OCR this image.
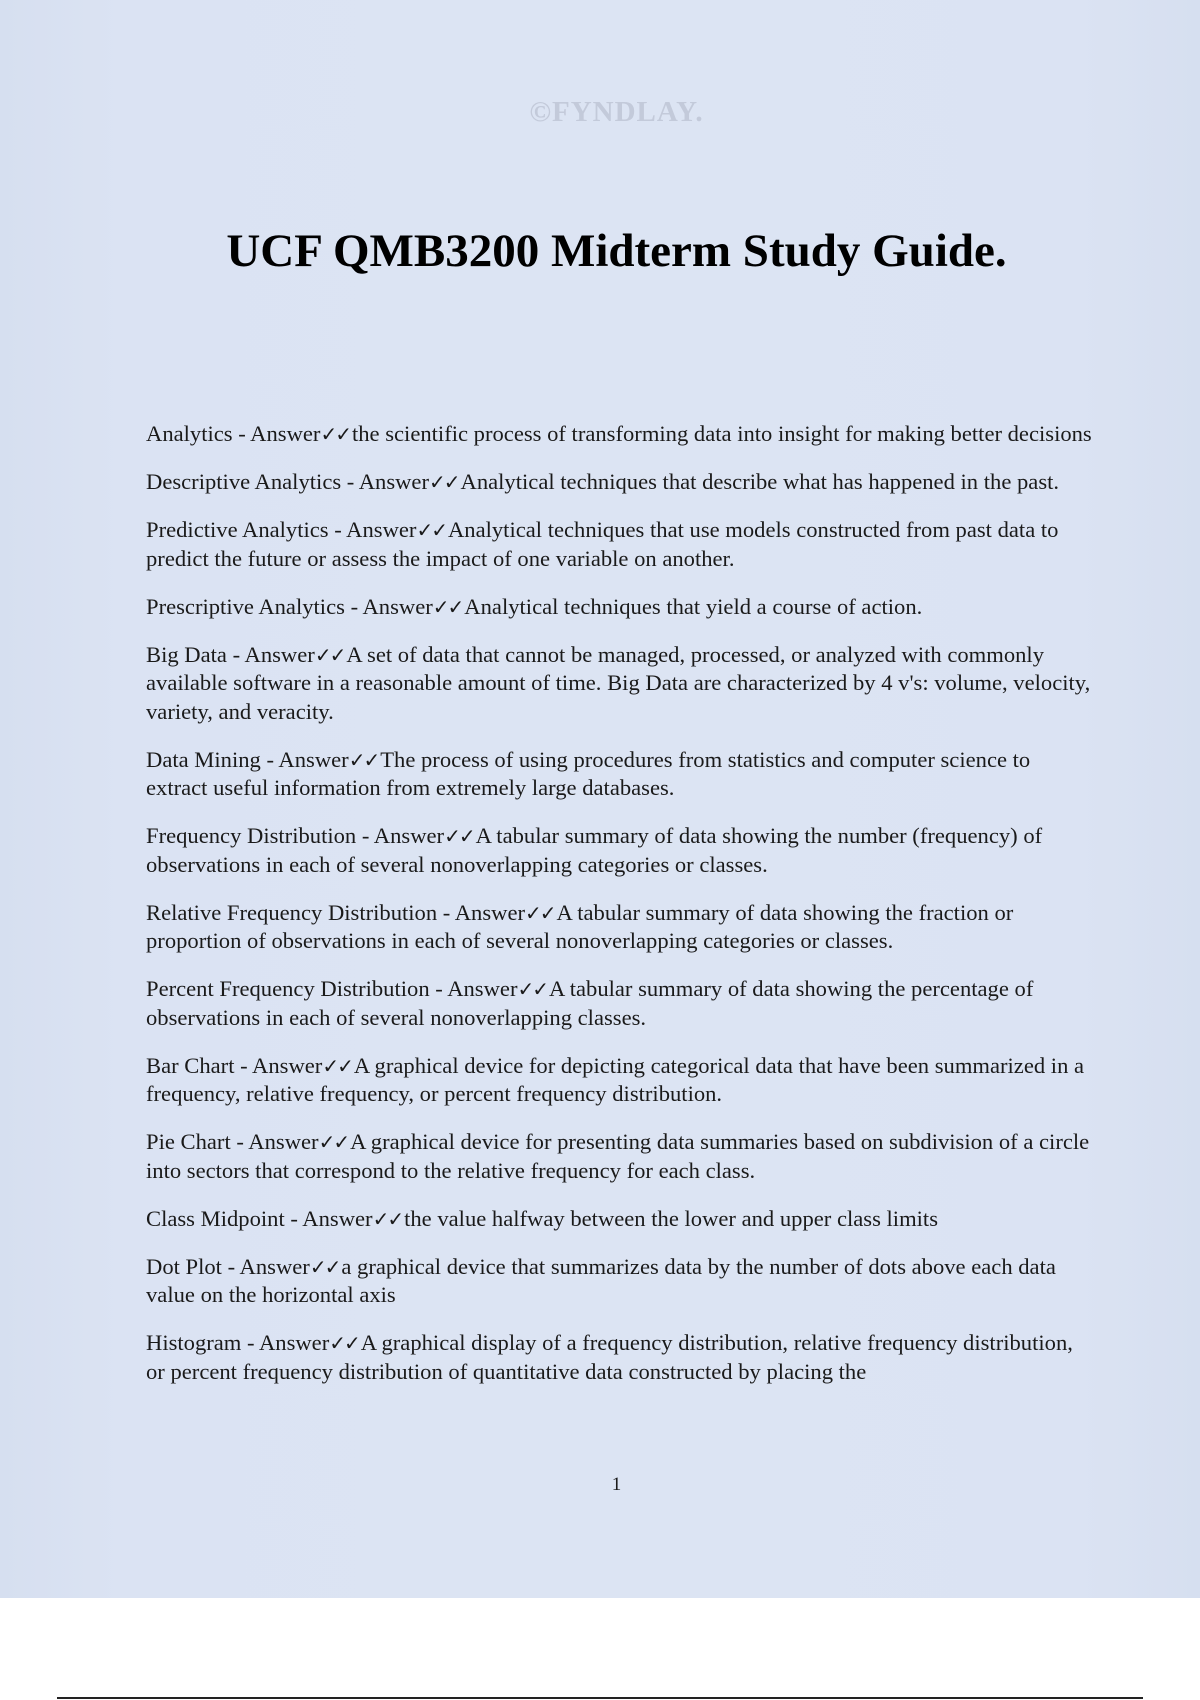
©FYNDLAY.
UCF QMB3200 Midterm Study Guide.
Analytics - Answer✓✓the scientific process of transforming data into insight for making better decisions
Descriptive Analytics - Answer✓✓Analytical techniques that describe what has happened in the past.
Predictive Analytics - Answer✓✓Analytical techniques that use models constructed from past data to predict the future or assess the impact of one variable on another.
Prescriptive Analytics - Answer✓✓Analytical techniques that yield a course of action.
Big Data - Answer✓✓A set of data that cannot be managed, processed, or analyzed with commonly available software in a reasonable amount of time. Big Data are characterized by 4 v's: volume, velocity, variety, and veracity.
Data Mining - Answer✓✓The process of using procedures from statistics and computer science to extract useful information from extremely large databases.
Frequency Distribution - Answer✓✓A tabular summary of data showing the number (frequency) of observations in each of several nonoverlapping categories or classes.
Relative Frequency Distribution - Answer✓✓A tabular summary of data showing the fraction or proportion of observations in each of several nonoverlapping categories or classes.
Percent Frequency Distribution - Answer✓✓A tabular summary of data showing the percentage of observations in each of several nonoverlapping classes.
Bar Chart - Answer✓✓A graphical device for depicting categorical data that have been summarized in a frequency, relative frequency, or percent frequency distribution.
Pie Chart - Answer✓✓A graphical device for presenting data summaries based on subdivision of a circle into sectors that correspond to the relative frequency for each class.
Class Midpoint - Answer✓✓the value halfway between the lower and upper class limits
Dot Plot - Answer✓✓a graphical device that summarizes data by the number of dots above each data value on the horizontal axis
Histogram - Answer✓✓A graphical display of a frequency distribution, relative frequency distribution, or percent frequency distribution of quantitative data constructed by placing the
1
